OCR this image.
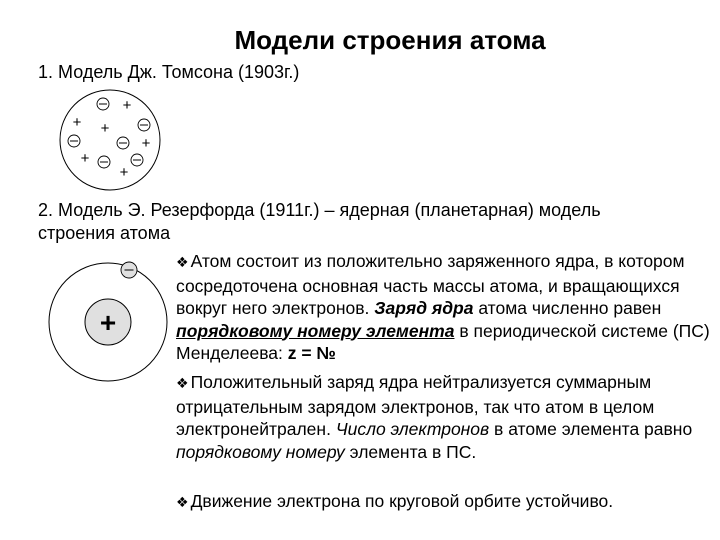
Модели строения атома
1. Модель Дж. Томсона (1903г.)
+
+ +
+
+
+
+
2. Модель Э. Резерфорда (1911г.) – ядерная (планетарная) модель
строения атома

❖ Атом состоит из положительно заряженного ядра, в котором сосредоточена основная часть массы атома, и вращающихся вокруг него электронов. Заряд ядра атома численно равен порядковому номеру элемента в периодической системе (ПС) Менделеева: z = №

❖ Положительный заряд ядра нейтрализуется суммарным отрицательным зарядом электронов, так что атом в целом электронейтрален. Число электронов в атоме элемента равно порядковому номеру элемента в ПС.

❖ Движение электрона по круговой орбите устойчиво.
